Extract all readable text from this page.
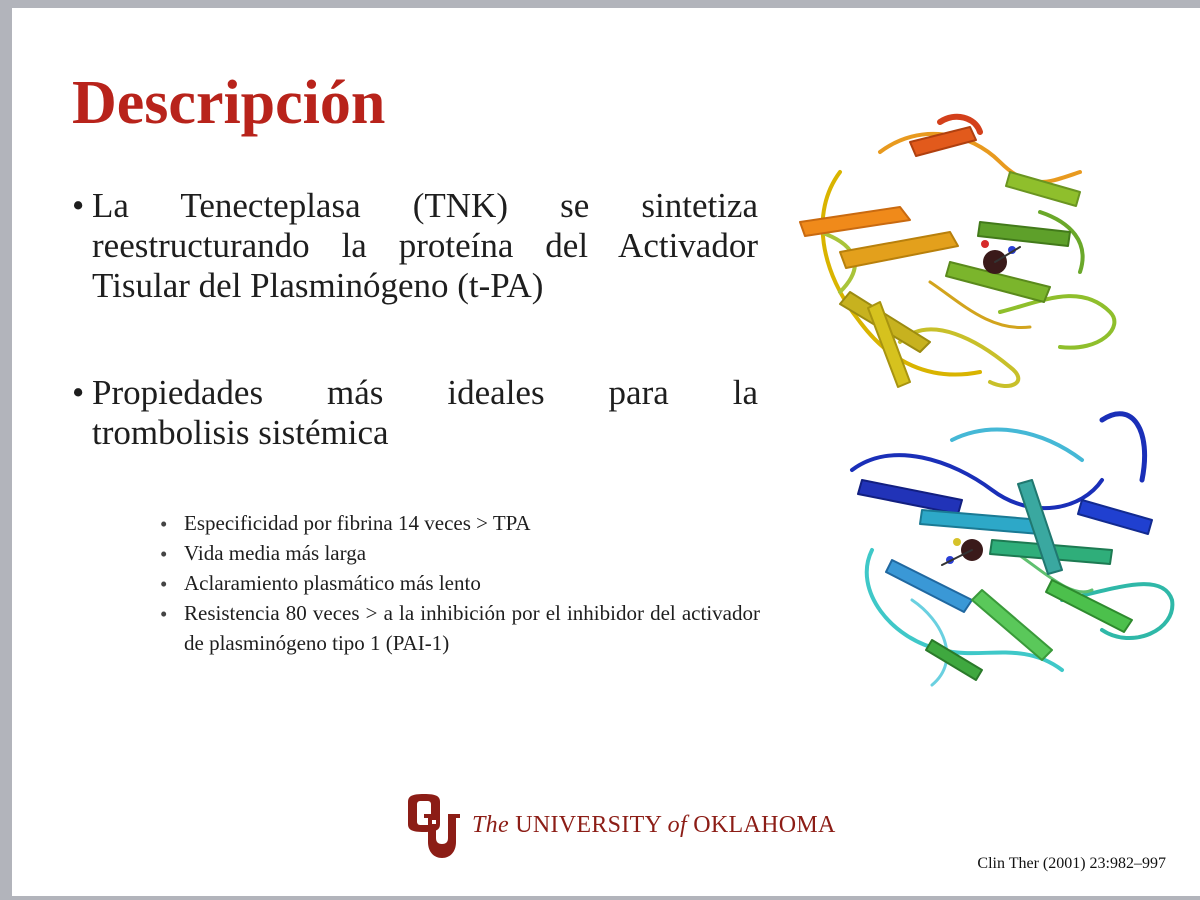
Descripción
• La Tenecteplasa (TNK) se sintetiza reestructurando la proteína del Activador Tisular del Plasminógeno (t-PA)
• Propiedades más ideales para la
trombolisis sistémica
• Especificidad por fibrina 14 veces > TPA
• Vida media más larga
• Aclaramiento plasmático más lento
• Resistencia 80 veces > a la inhibición por el inhibidor del activador de plasminógeno tipo 1 (PAI-1)
The UNIVERSITY of OKLAHOMA
Clin Ther (2001) 23:982–997
